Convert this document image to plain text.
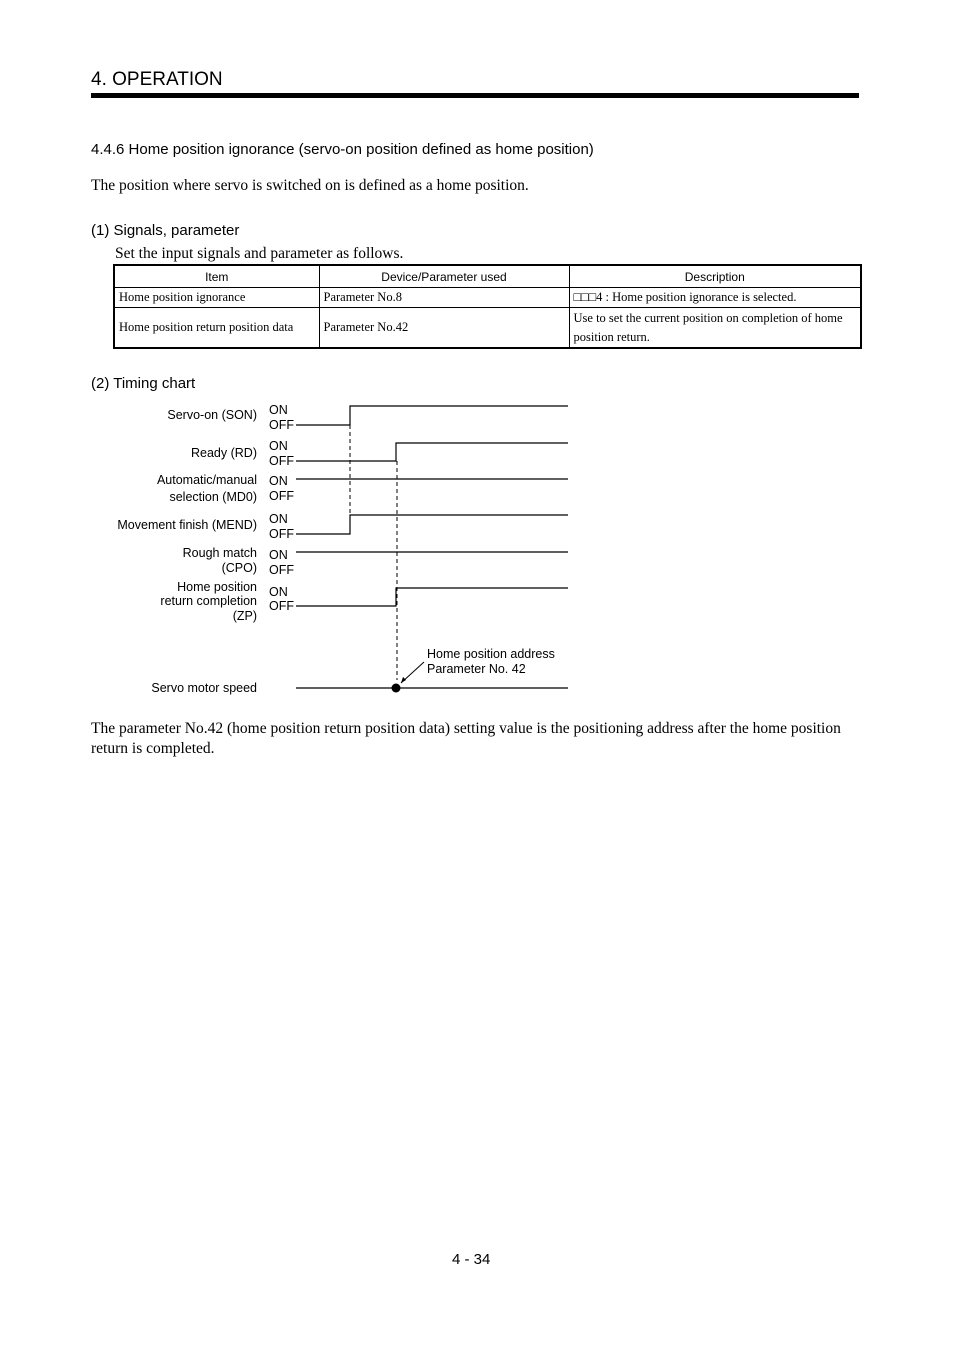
4. OPERATION
4.4.6 Home position ignorance (servo-on position defined as home position)
The position where servo is switched on is defined as a home position.
(1) Signals, parameter
Set the input signals and parameter as follows.
Item	Device/Parameter used	Description
Home position ignorance	Parameter No.8	□□□4 : Home position ignorance is selected.
Home position return position data	Parameter No.42	Use to set the current position on completion of home position return.
(2) Timing chart
Servo-on (SON)
Ready (RD)
Automatic/manual
selection (MD0)
Movement finish (MEND)
Rough match
(CPO)
Home position
return completion
(ZP)
Servo motor speed
ON
OFF
ON
OFF
ON
OFF
ON
OFF
ON
OFF
ON
OFF
Home position address
Parameter No. 42
The parameter No.42 (home position return position data) setting value is the positioning address after the home position return is completed.
4 - 34
